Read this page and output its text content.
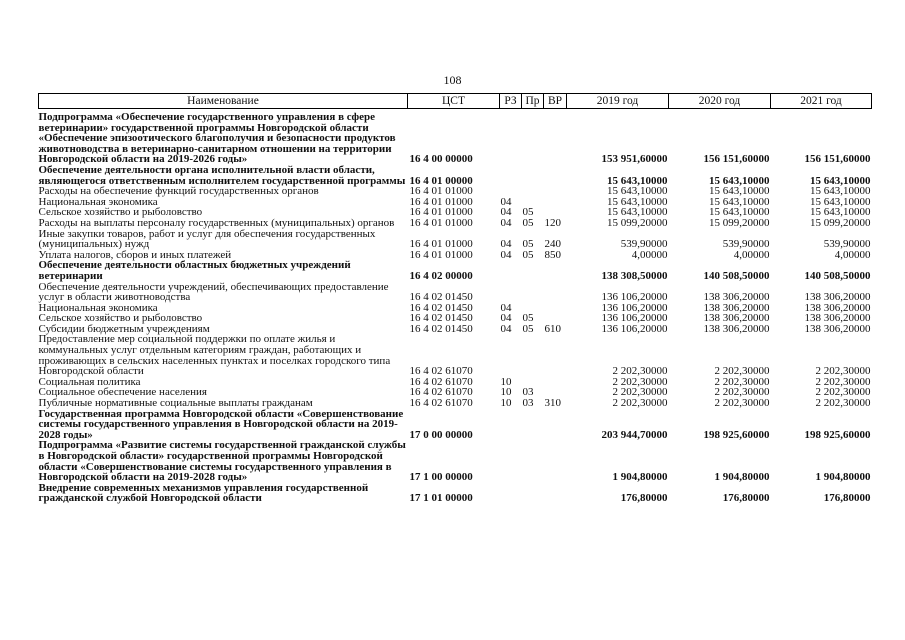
108
Наименование	ЦСТ	РЗ	Пр	ВР	2019 год	2020 год	2021 год
Подпрограмма «Обеспечение государственного управления в сфере ветеринарии» государственной программы Новгородской области «Обеспечение эпизоотического благополучия и безопасности продуктов животноводства в ветеринарно-санитарном отношении на территории Новгородской области на 2019-2026 годы»	16 4 00 00000				153 951,60000	156 151,60000	156 151,60000
Обеспечение деятельности органа исполнительной власти области, являющегося ответственным исполнителем государственной программы	16 4 01 00000				15 643,10000	15 643,10000	15 643,10000
Расходы на обеспечение функций государственных органов	16 4 01 01000				15 643,10000	15 643,10000	15 643,10000
Национальная экономика	16 4 01 01000	04			15 643,10000	15 643,10000	15 643,10000
Сельское хозяйство и рыболовство	16 4 01 01000	04	05		15 643,10000	15 643,10000	15 643,10000
Расходы на выплаты персоналу государственных (муниципальных) органов	16 4 01 01000	04	05	120	15 099,20000	15 099,20000	15 099,20000
Иные закупки товаров, работ и услуг для обеспечения государственных (муниципальных) нужд	16 4 01 01000	04	05	240	539,90000	539,90000	539,90000
Уплата налогов, сборов и иных платежей	16 4 01 01000	04	05	850	4,00000	4,00000	4,00000
Обеспечение деятельности областных бюджетных учреждений ветеринарии	16 4 02 00000				138 308,50000	140 508,50000	140 508,50000
Обеспечение деятельности учреждений, обеспечивающих предоставление услуг в области животноводства	16 4 02 01450				136 106,20000	138 306,20000	138 306,20000
Национальная экономика	16 4 02 01450	04			136 106,20000	138 306,20000	138 306,20000
Сельское хозяйство и рыболовство	16 4 02 01450	04	05		136 106,20000	138 306,20000	138 306,20000
Субсидии бюджетным учреждениям	16 4 02 01450	04	05	610	136 106,20000	138 306,20000	138 306,20000
Предоставление мер социальной поддержки по оплате жилья и коммунальных услуг отдельным категориям граждан, работающих и проживающих в сельских населенных пунктах и поселках городского типа Новгородской области	16 4 02 61070				2 202,30000	2 202,30000	2 202,30000
Социальная политика	16 4 02 61070	10			2 202,30000	2 202,30000	2 202,30000
Социальное обеспечение населения	16 4 02 61070	10	03		2 202,30000	2 202,30000	2 202,30000
Публичные нормативные социальные выплаты гражданам	16 4 02 61070	10	03	310	2 202,30000	2 202,30000	2 202,30000
Государственная программа Новгородской области «Совершенствование системы государственного управления в Новгородской области на 2019-2028 годы»	17 0 00 00000				203 944,70000	198 925,60000	198 925,60000
Подпрограмма «Развитие системы государственной гражданской службы в Новгородской области» государственной программы Новгородской области «Совершенствование системы государственного управления в Новгородской области на 2019-2028 годы»	17 1 00 00000				1 904,80000	1 904,80000	1 904,80000
Внедрение современных механизмов управления государственной гражданской службой Новгородской области	17 1 01 00000				176,80000	176,80000	176,80000
